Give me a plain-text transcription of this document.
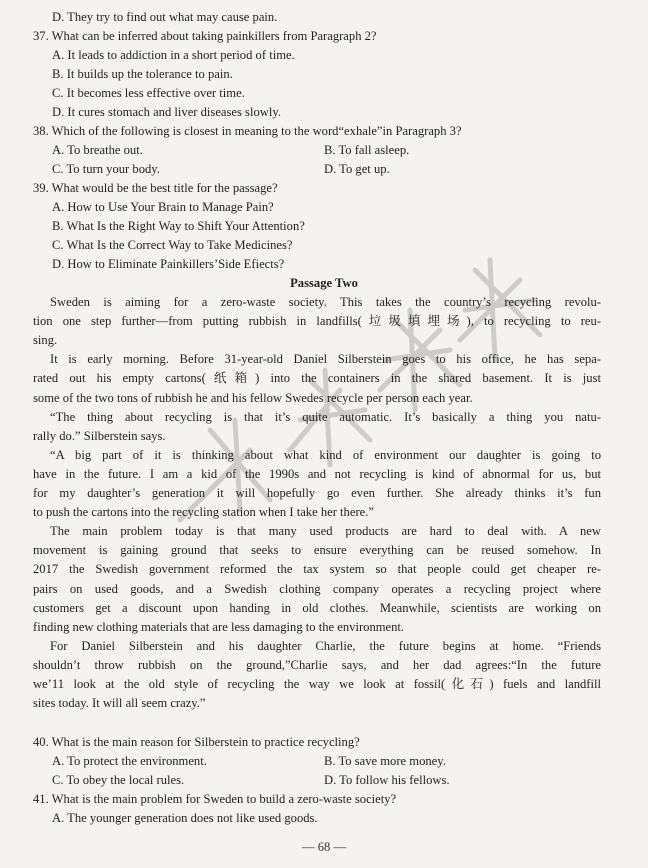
D. They try to find out what may cause pain.
37. What can be inferred about taking painkillers from Paragraph 2?
A. It leads to addiction in a short period of time.
B. It builds up the tolerance to pain.
C. It becomes less effective over time.
D. It cures stomach and liver diseases slowly.
38. Which of the following is closest in meaning to the word“exhale”in Paragraph 3?
A. To breathe out.	B. To fall asleep.
C. To turn your body.	D. To get up.
39. What would be the best title for the passage?
A. How to Use Your Brain to Manage Pain?
B. What Is the Right Way to Shift Your Attention?
C. What Is the Correct Way to Take Medicines?
D. How to Eliminate Painkillers’Side Efiects?
Passage Two
Sweden is aiming for a zero-waste society. This takes the country’s recycling revolu-
tion one step further—from putting rubbish in landfills(垃圾填埋场), to recycling to reu-
sing.
It is early morning. Before 31-year-old Daniel Silberstein goes to his office, he has sepa-
rated out his empty cartons(纸箱) into the containers in the shared basement. It is just
some of the two tons of rubbish he and his fellow Swedes recycle per person each year.
“The thing about recycling is that it’s quite automatic. It’s basically a thing you natu-
rally do.” Silberstein says.
“A big part of it is thinking about what kind of environment our daughter is going to
have in the future. I am a kid of the 1990s and not recycling is kind of abnormal for us, but
for my daughter’s generation it will hopefully go even further. She already thinks it’s fun
to push the cartons into the recycling station when I take her there.”
The main problem today is that many used products are hard to deal with. A new
movement is gaining ground that seeks to ensure everything can be reused somehow. In
2017 the Swedish government reformed the tax system so that people could get cheaper re-
pairs on used goods, and a Swedish clothing company operates a recycling project where
customers get a discount upon handing in old clothes. Meanwhile, scientists are working on
finding new clothing materials that are less damaging to the environment.
For Daniel Silberstein and his daughter Charlie, the future begins at home. “Friends
shouldn’t throw rubbish on the ground,”Charlie says, and her dad agrees:“In the future
we’11 look at the old style of recycling the way we look at fossil(化石) fuels and landfill
sites today. It will all seem crazy.”
40. What is the main reason for Silberstein to practice recycling?
A. To protect the environment.	B. To save more money.
C. To obey the local rules.	D. To follow his fellows.
41. What is the main problem for Sweden to build a zero-waste society?
A. The younger generation does not like used goods.
— 68 —
